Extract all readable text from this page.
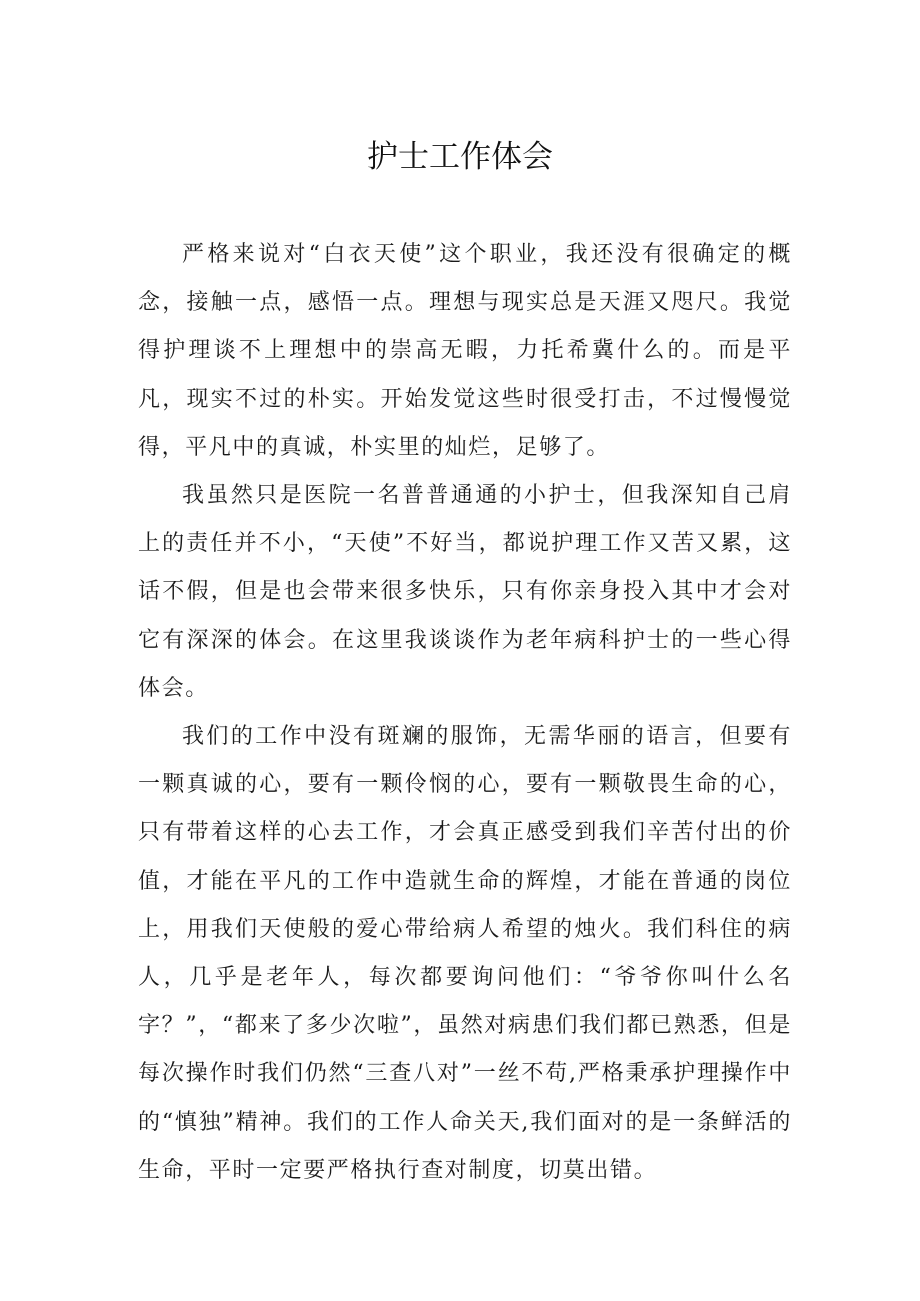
护士工作体会

严格来说对“白衣天使”这个职业，我还没有很确定的概念，接触一点，感悟一点。理想与现实总是天涯又咫尺。我觉得护理谈不上理想中的崇高无暇，力托希冀什么的。而是平凡，现实不过的朴实。开始发觉这些时很受打击，不过慢慢觉得，平凡中的真诚，朴实里的灿烂，足够了。

我虽然只是医院一名普普通通的小护士，但我深知自己肩上的责任并不小，“天使”不好当，都说护理工作又苦又累，这话不假，但是也会带来很多快乐，只有你亲身投入其中才会对它有深深的体会。在这里我谈谈作为老年病科护士的一些心得体会。

我们的工作中没有斑斓的服饰，无需华丽的语言，但要有一颗真诚的心，要有一颗伶悯的心，要有一颗敬畏生命的心，只有带着这样的心去工作，才会真正感受到我们辛苦付出的价值，才能在平凡的工作中造就生命的辉煌，才能在普通的岗位上，用我们天使般的爱心带给病人希望的烛火。我们科住的病人，几乎是老年人，每次都要询问他们：“爷爷你叫什么名字？”，“都来了多少次啦”，虽然对病患们我们都已熟悉，但是每次操作时我们仍然“三查八对”一丝不苟,严格秉承护理操作中的“慎独”精神。我们的工作人命关天,我们面对的是一条鲜活的生命，平时一定要严格执行查对制度，切莫出错。
